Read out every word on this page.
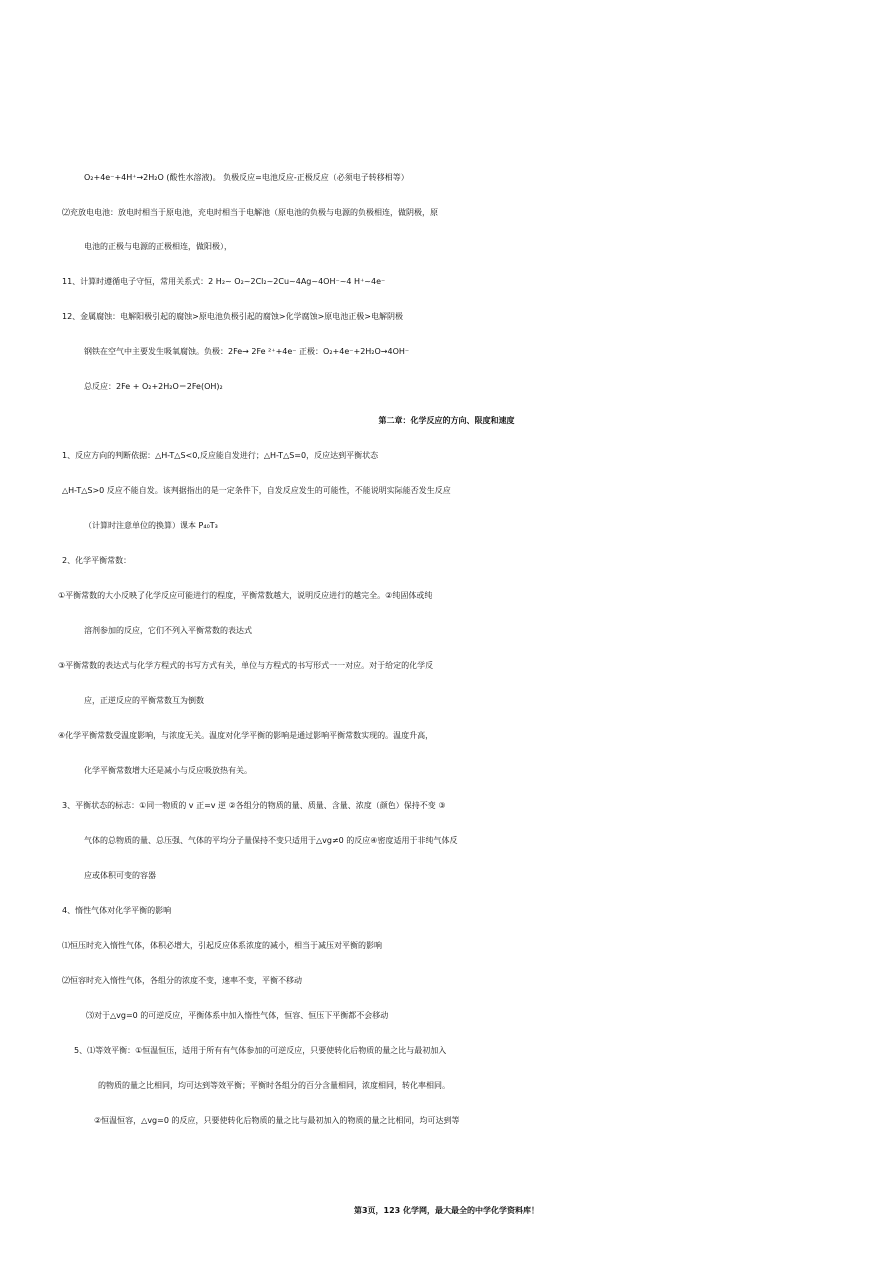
O₂+4e⁻+4H⁺→2H₂O (酸性水溶液)。 负极反应=电池反应-正极反应（必须电子转移相等）
⑵充放电电池：放电时相当于原电池，充电时相当于电解池（原电池的负极与电源的负极相连，做阴极，原
电池的正极与电源的正极相连，做阳极），
11、计算时遵循电子守恒，常用关系式：2 H₂~ O₂~2Cl₂~2Cu~4Ag~4OH⁻~4 H⁺~4e⁻
12、金属腐蚀：电解阳极引起的腐蚀>原电池负极引起的腐蚀>化学腐蚀>原电池正极>电解阴极
钢铁在空气中主要发生吸氧腐蚀。负极：2Fe→ 2Fe ²⁺+4e⁻ 正极：O₂+4e⁻+2H₂O→4OH⁻
总反应：2Fe + O₂+2H₂O＝2Fe(OH)₂
第二章：化学反应的方向、限度和速度
1、反应方向的判断依据：△H-T△S<0,反应能自发进行；△H-T△S=0，反应达到平衡状态
△H-T△S>0 反应不能自发。该判据指出的是一定条件下，自发反应发生的可能性，不能说明实际能否发生反应
（计算时注意单位的换算）课本 P₄₀T₃
2、化学平衡常数：
①平衡常数的大小反映了化学反应可能进行的程度，平衡常数越大，说明反应进行的越完全。②纯固体或纯
溶剂参加的反应，它们不列入平衡常数的表达式
③平衡常数的表达式与化学方程式的书写方式有关，单位与方程式的书写形式一一对应。对于给定的化学反
应，正逆反应的平衡常数互为倒数
④化学平衡常数受温度影响，与浓度无关。温度对化学平衡的影响是通过影响平衡常数实现的。温度升高，
化学平衡常数增大还是减小与反应吸放热有关。
3、平衡状态的标志：①同一物质的 v 正=v 逆 ②各组分的物质的量、质量、含量、浓度（颜色）保持不变 ③
气体的总物质的量、总压强、气体的平均分子量保持不变只适用于△vg≠0 的反应④密度适用于非纯气体反
应或体积可变的容器
4、惰性气体对化学平衡的影响
⑴恒压时充入惰性气体，体积必增大，引起反应体系浓度的减小，相当于减压对平衡的影响
⑵恒容时充入惰性气体，各组分的浓度不变，速率不变，平衡不移动
⑶对于△vg=0 的可逆反应，平衡体系中加入惰性气体，恒容、恒压下平衡都不会移动
5、⑴等效平衡：①恒温恒压，适用于所有有气体参加的可逆反应，只要使转化后物质的量之比与最初加入
的物质的量之比相同，均可达到等效平衡；平衡时各组分的百分含量相同，浓度相同，转化率相同。
②恒温恒容，△vg=0 的反应，只要使转化后物质的量之比与最初加入的物质的量之比相同，均可达到等
第3页，123 化学网，最大最全的中学化学资料库！
